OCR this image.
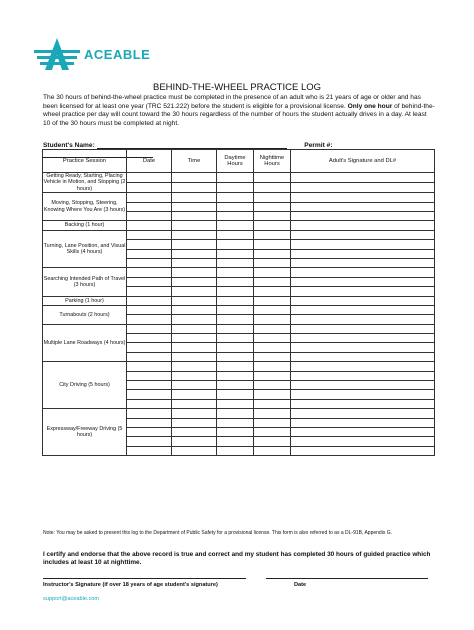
ACEABLE
BEHIND-THE-WHEEL PRACTICE LOG
The 30 hours of behind-the-wheel practice must be completed in the presence of an adult who is 21 years of age or older and has been licensed for at least one year (TRC 521.222) before the student is eligible for a provisional license. Only one hour of behind-the-wheel practice per day will count toward the 30 hours regardless of the number of hours the student actually drives in a day. At least 10 of the 30 hours must be completed at night.
Student's Name:	Permit #:
Practice Session	Date	Time	Daytime Hours	Nighttime Hours	Adult's Signature and DL#
Getting Ready, Starting, Placing Vehicle in Motion, and Stopping (2 hours)					

Moving, Stopping, Steering, Knowing Where You Are (3 hours)					

Backing (1 hour)					
Turning, Lane Position, and Visual Skills (4 hours)					

Searching Intended Path of Travel (3 hours)					

Parking (1 hour)					
Turnabouts (2 hours)					

Multiple Lane Roadways (4 hours)					

City Driving (5 hours)					

Expressway/Freeway Driving (5 hours)					

Note: You may be asked to present this log to the Department of Public Safety for a provisional license. This form is also referred to as a DL-91B, Appendix G.
I certify and endorse that the above record is true and correct and my student has completed 30 hours of guided practice which includes at least 10 at nighttime.
Instructor's Signature (if over 18 years of age student's signature)	Date
support@aceable.com
